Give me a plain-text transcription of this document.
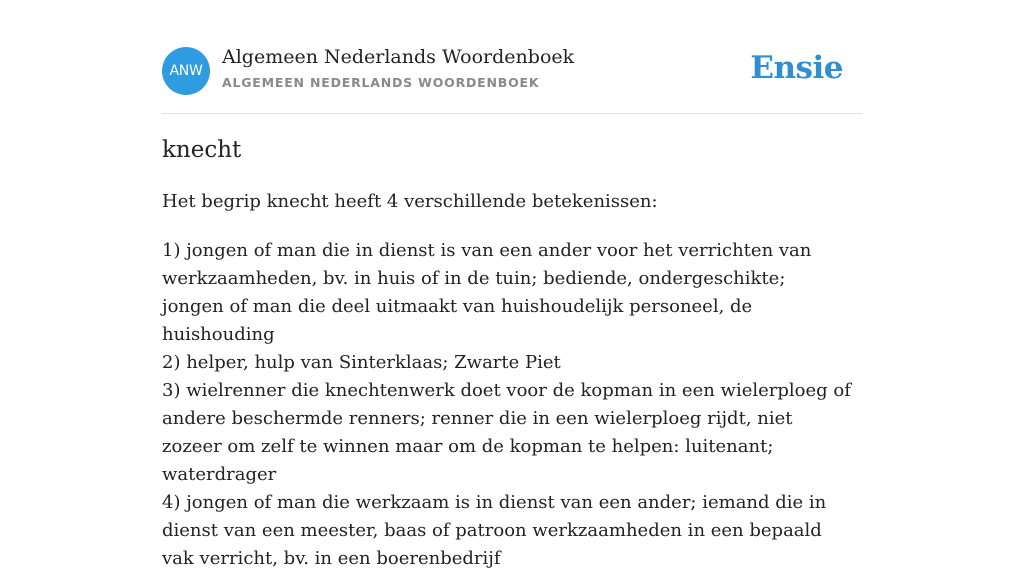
ANW
Algemeen Nederlands Woordenboek
ALGEMEEN NEDERLANDS WOORDENBOEK	Ensie
knecht

Het begrip knecht heeft 4 verschillende betekenissen:

1) jongen of man die in dienst is van een ander voor het verrichten van werkzaamheden, bv. in huis of in de tuin; bediende, ondergeschikte; jongen of man die deel uitmaakt van huishoudelijk personeel, de huishouding
2) helper, hulp van Sinterklaas; Zwarte Piet
3) wielrenner die knechtenwerk doet voor de kopman in een wielerploeg of andere beschermde renners; renner die in een wielerploeg rijdt, niet zozeer om zelf te winnen maar om de kopman te helpen: luitenant; waterdrager
4) jongen of man die werkzaam is in dienst van een ander; iemand die in dienst van een meester, baas of patroon werkzaamheden in een bepaald vak verricht, bv. in een boerenbedrijf
